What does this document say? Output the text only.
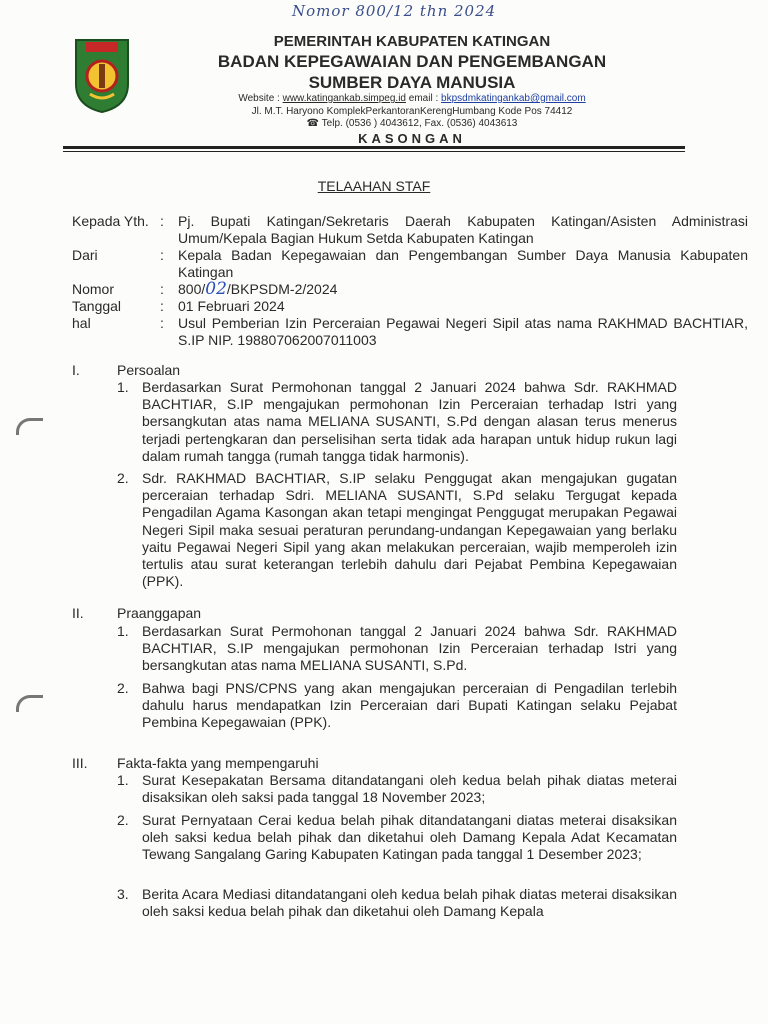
Nomor 800/12 thn 2024
PEMERINTAH KABUPATEN KATINGAN
BADAN KEPEGAWAIAN DAN PENGEMBANGAN
SUMBER DAYA MANUSIA
Website : www.katingankab.simpeg.id email : bkpsdmkatingankab@gmail.com
Jl. M.T. Haryono KomplekPerkantoranKerengHumbang Kode Pos 74412
☎ Telp. (0536 ) 4043612, Fax. (0536) 4043613
KASONGAN
TELAAHAN STAF
Kepada Yth. :	Pj. Bupati Katingan/Sekretaris Daerah Kabupaten Katingan/Asisten Administrasi Umum/Kepala Bagian Hukum Setda Kabupaten Katingan
Dari	:	Kepala Badan Kepegawaian dan Pengembangan Sumber Daya Manusia Kabupaten Katingan
Nomor	:	800/02/BKPSDM-2/2024
Tanggal	:	01 Februari 2024
hal	:	Usul Pemberian Izin Perceraian Pegawai Negeri Sipil atas nama RAKHMAD BACHTIAR, S.IP NIP. 198807062007011003
I.	Persoalan
1. Berdasarkan Surat Permohonan tanggal 2 Januari 2024 bahwa Sdr. RAKHMAD BACHTIAR, S.IP mengajukan permohonan Izin Perceraian terhadap Istri yang bersangkutan atas nama MELIANA SUSANTI, S.Pd dengan alasan terus menerus terjadi pertengkaran dan perselisihan serta tidak ada harapan untuk hidup rukun lagi dalam rumah tangga (rumah tangga tidak harmonis).
2. Sdr. RAKHMAD BACHTIAR, S.IP selaku Penggugat akan mengajukan gugatan perceraian terhadap Sdri. MELIANA SUSANTI, S.Pd selaku Tergugat kepada Pengadilan Agama Kasongan akan tetapi mengingat Penggugat merupakan Pegawai Negeri Sipil maka sesuai peraturan perundang-undangan Kepegawaian yang berlaku yaitu Pegawai Negeri Sipil yang akan melakukan perceraian, wajib memperoleh izin tertulis atau surat keterangan terlebih dahulu dari Pejabat Pembina Kepegawaian (PPK).
II. Praanggapan
1. Berdasarkan Surat Permohonan tanggal 2 Januari 2024 bahwa Sdr. RAKHMAD BACHTIAR, S.IP mengajukan permohonan Izin Perceraian terhadap Istri yang bersangkutan atas nama MELIANA SUSANTI, S.Pd.
2. Bahwa bagi PNS/CPNS yang akan mengajukan perceraian di Pengadilan terlebih dahulu harus mendapatkan Izin Perceraian dari Bupati Katingan selaku Pejabat Pembina Kepegawaian (PPK).
III. Fakta-fakta yang mempengaruhi
1. Surat Kesepakatan Bersama ditandatangani oleh kedua belah pihak diatas meterai disaksikan oleh saksi pada tanggal 18 November 2023;
2. Surat Pernyataan Cerai kedua belah pihak ditandatangani diatas meterai disaksikan oleh saksi kedua belah pihak dan diketahui oleh Damang Kepala Adat Kecamatan Tewang Sangalang Garing Kabupaten Katingan pada tanggal 1 Desember 2023;
3. Berita Acara Mediasi ditandatangani oleh kedua belah pihak diatas meterai disaksikan oleh saksi kedua belah pihak dan diketahui oleh Damang Kepala
